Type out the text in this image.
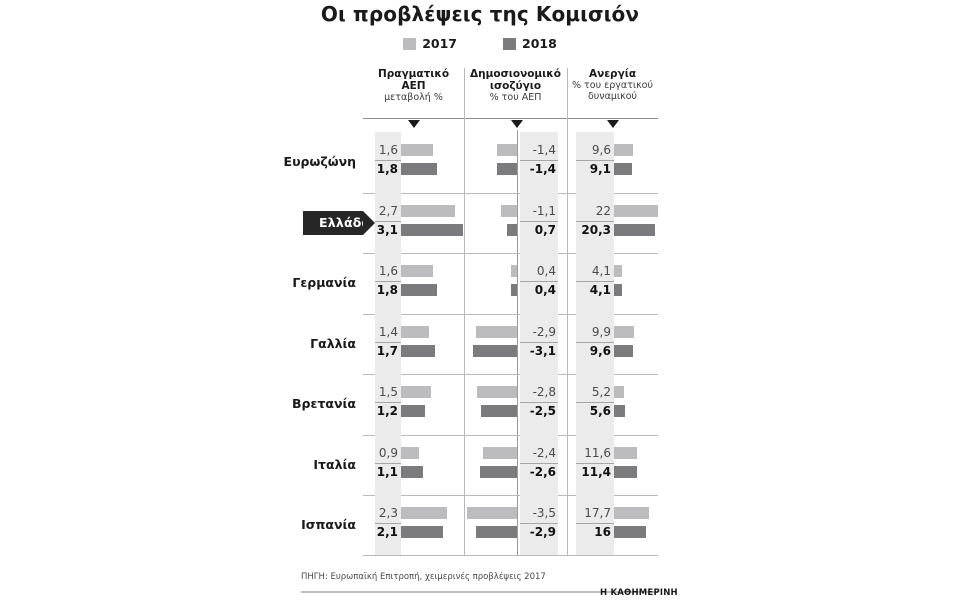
Οι προβλέψεις της Κομισιόν
2017	2018
Πραγματικό
ΑΕΠ
μεταβολή %
Δημοσιονομικό
ισοζύγιο
% του ΑΕΠ
Ανεργία
% του εργατικού
δυναμικού
1,6
1,8
-1,4
-1,4
9,6
9,1
2,7
3,1
-1,1
0,7
22
20,3
1,6
1,8
0,4
0,4
4,1
4,1
1,4
1,7
-2,9
-3,1
9,9
9,6
1,5
1,2
-2,8
-2,5
5,2
5,6
0,9
1,1
-2,4
-2,6
11,6
11,4
2,3
2,1
-3,5
-2,9
17,7
16
Ευρωζώνη
Ελλάδα
Γερμανία
Γαλλία
Βρετανία
Ιταλία
Ισπανία
ΠΗΓΗ: Ευρωπαϊκή Επιτροπή, χειμερινές προβλέψεις 2017
Η ΚΑΘΗΜΕΡΙΝΗ
